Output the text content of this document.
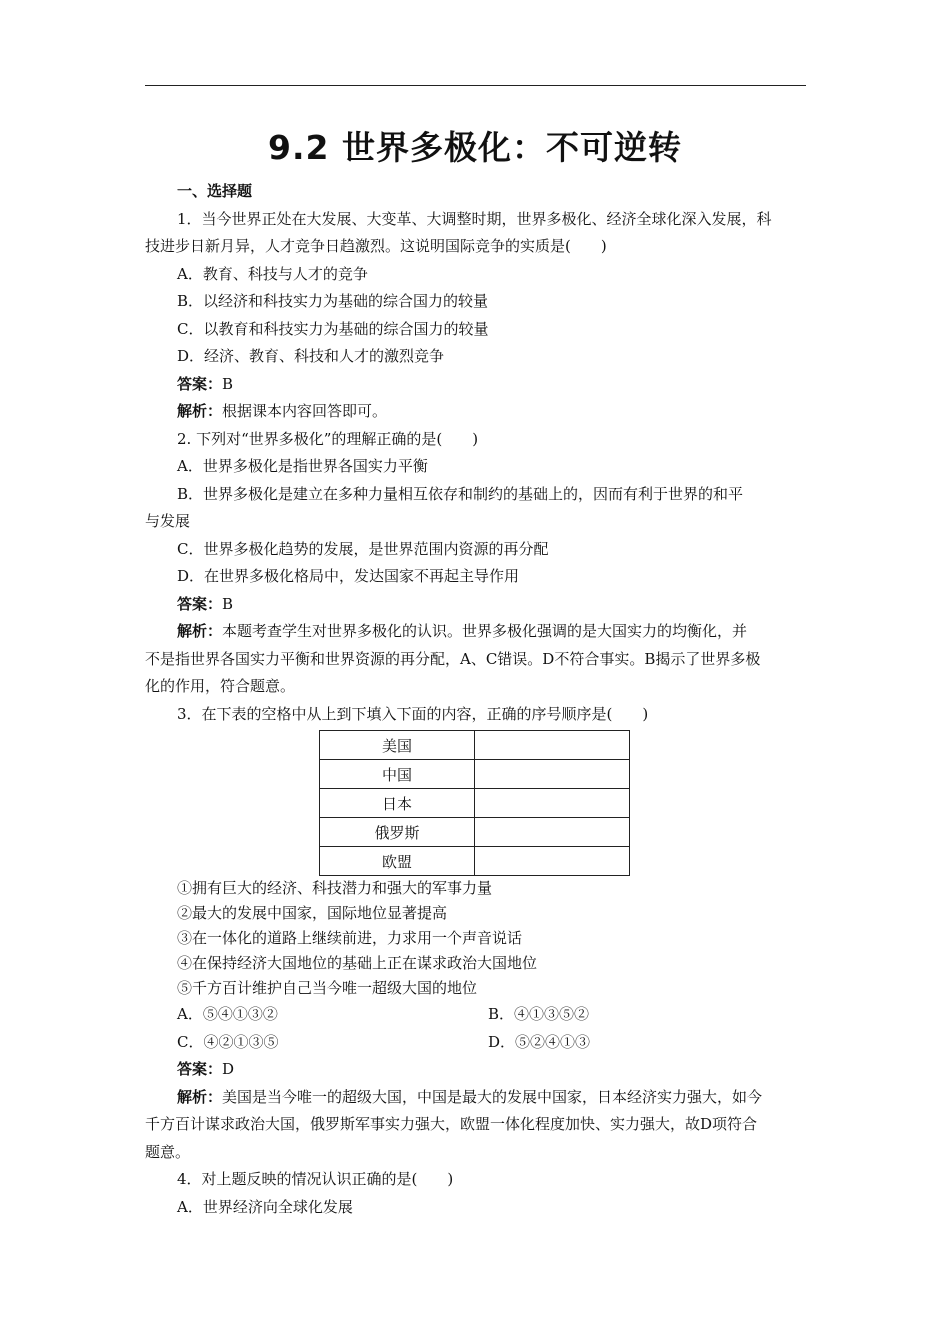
9.2 世界多极化：不可逆转
一、选择题
1．当今世界正处在大发展、大变革、大调整时期，世界多极化、经济全球化深入发展，科
技进步日新月异，人才竞争日趋激烈。这说明国际竞争的实质是(　　)
A．教育、科技与人才的竞争
B．以经济和科技实力为基础的综合国力的较量
C．以教育和科技实力为基础的综合国力的较量
D．经济、教育、科技和人才的激烈竞争
答案：B
解析：根据课本内容回答即可。
2. 下列对“世界多极化”的理解正确的是(　　)
A．世界多极化是指世界各国实力平衡
B．世界多极化是建立在多种力量相互依存和制约的基础上的，因而有利于世界的和平
与发展
C．世界多极化趋势的发展，是世界范围内资源的再分配
D．在世界多极化格局中，发达国家不再起主导作用
答案：B
解析：本题考查学生对世界多极化的认识。世界多极化强调的是大国实力的均衡化，并
不是指世界各国实力平衡和世界资源的再分配，A、C错误。D不符合事实。B揭示了世界多极
化的作用，符合题意。
3．在下表的空格中从上到下填入下面的内容，正确的序号顺序是(　　)
美国	
中国	
日本	
俄罗斯	
欧盟	
①拥有巨大的经济、科技潜力和强大的军事力量
②最大的发展中国家，国际地位显著提高
③在一体化的道路上继续前进，力求用一个声音说话
④在保持经济大国地位的基础上正在谋求政治大国地位
⑤千方百计维护自己当今唯一超级大国的地位
A．⑤④①③②	B．④①③⑤②
C．④②①③⑤	D．⑤②④①③
答案：D
解析：美国是当今唯一的超级大国，中国是最大的发展中国家，日本经济实力强大，如今
千方百计谋求政治大国，俄罗斯军事实力强大，欧盟一体化程度加快、实力强大，故D项符合
题意。
4．对上题反映的情况认识正确的是(　　)
A．世界经济向全球化发展
